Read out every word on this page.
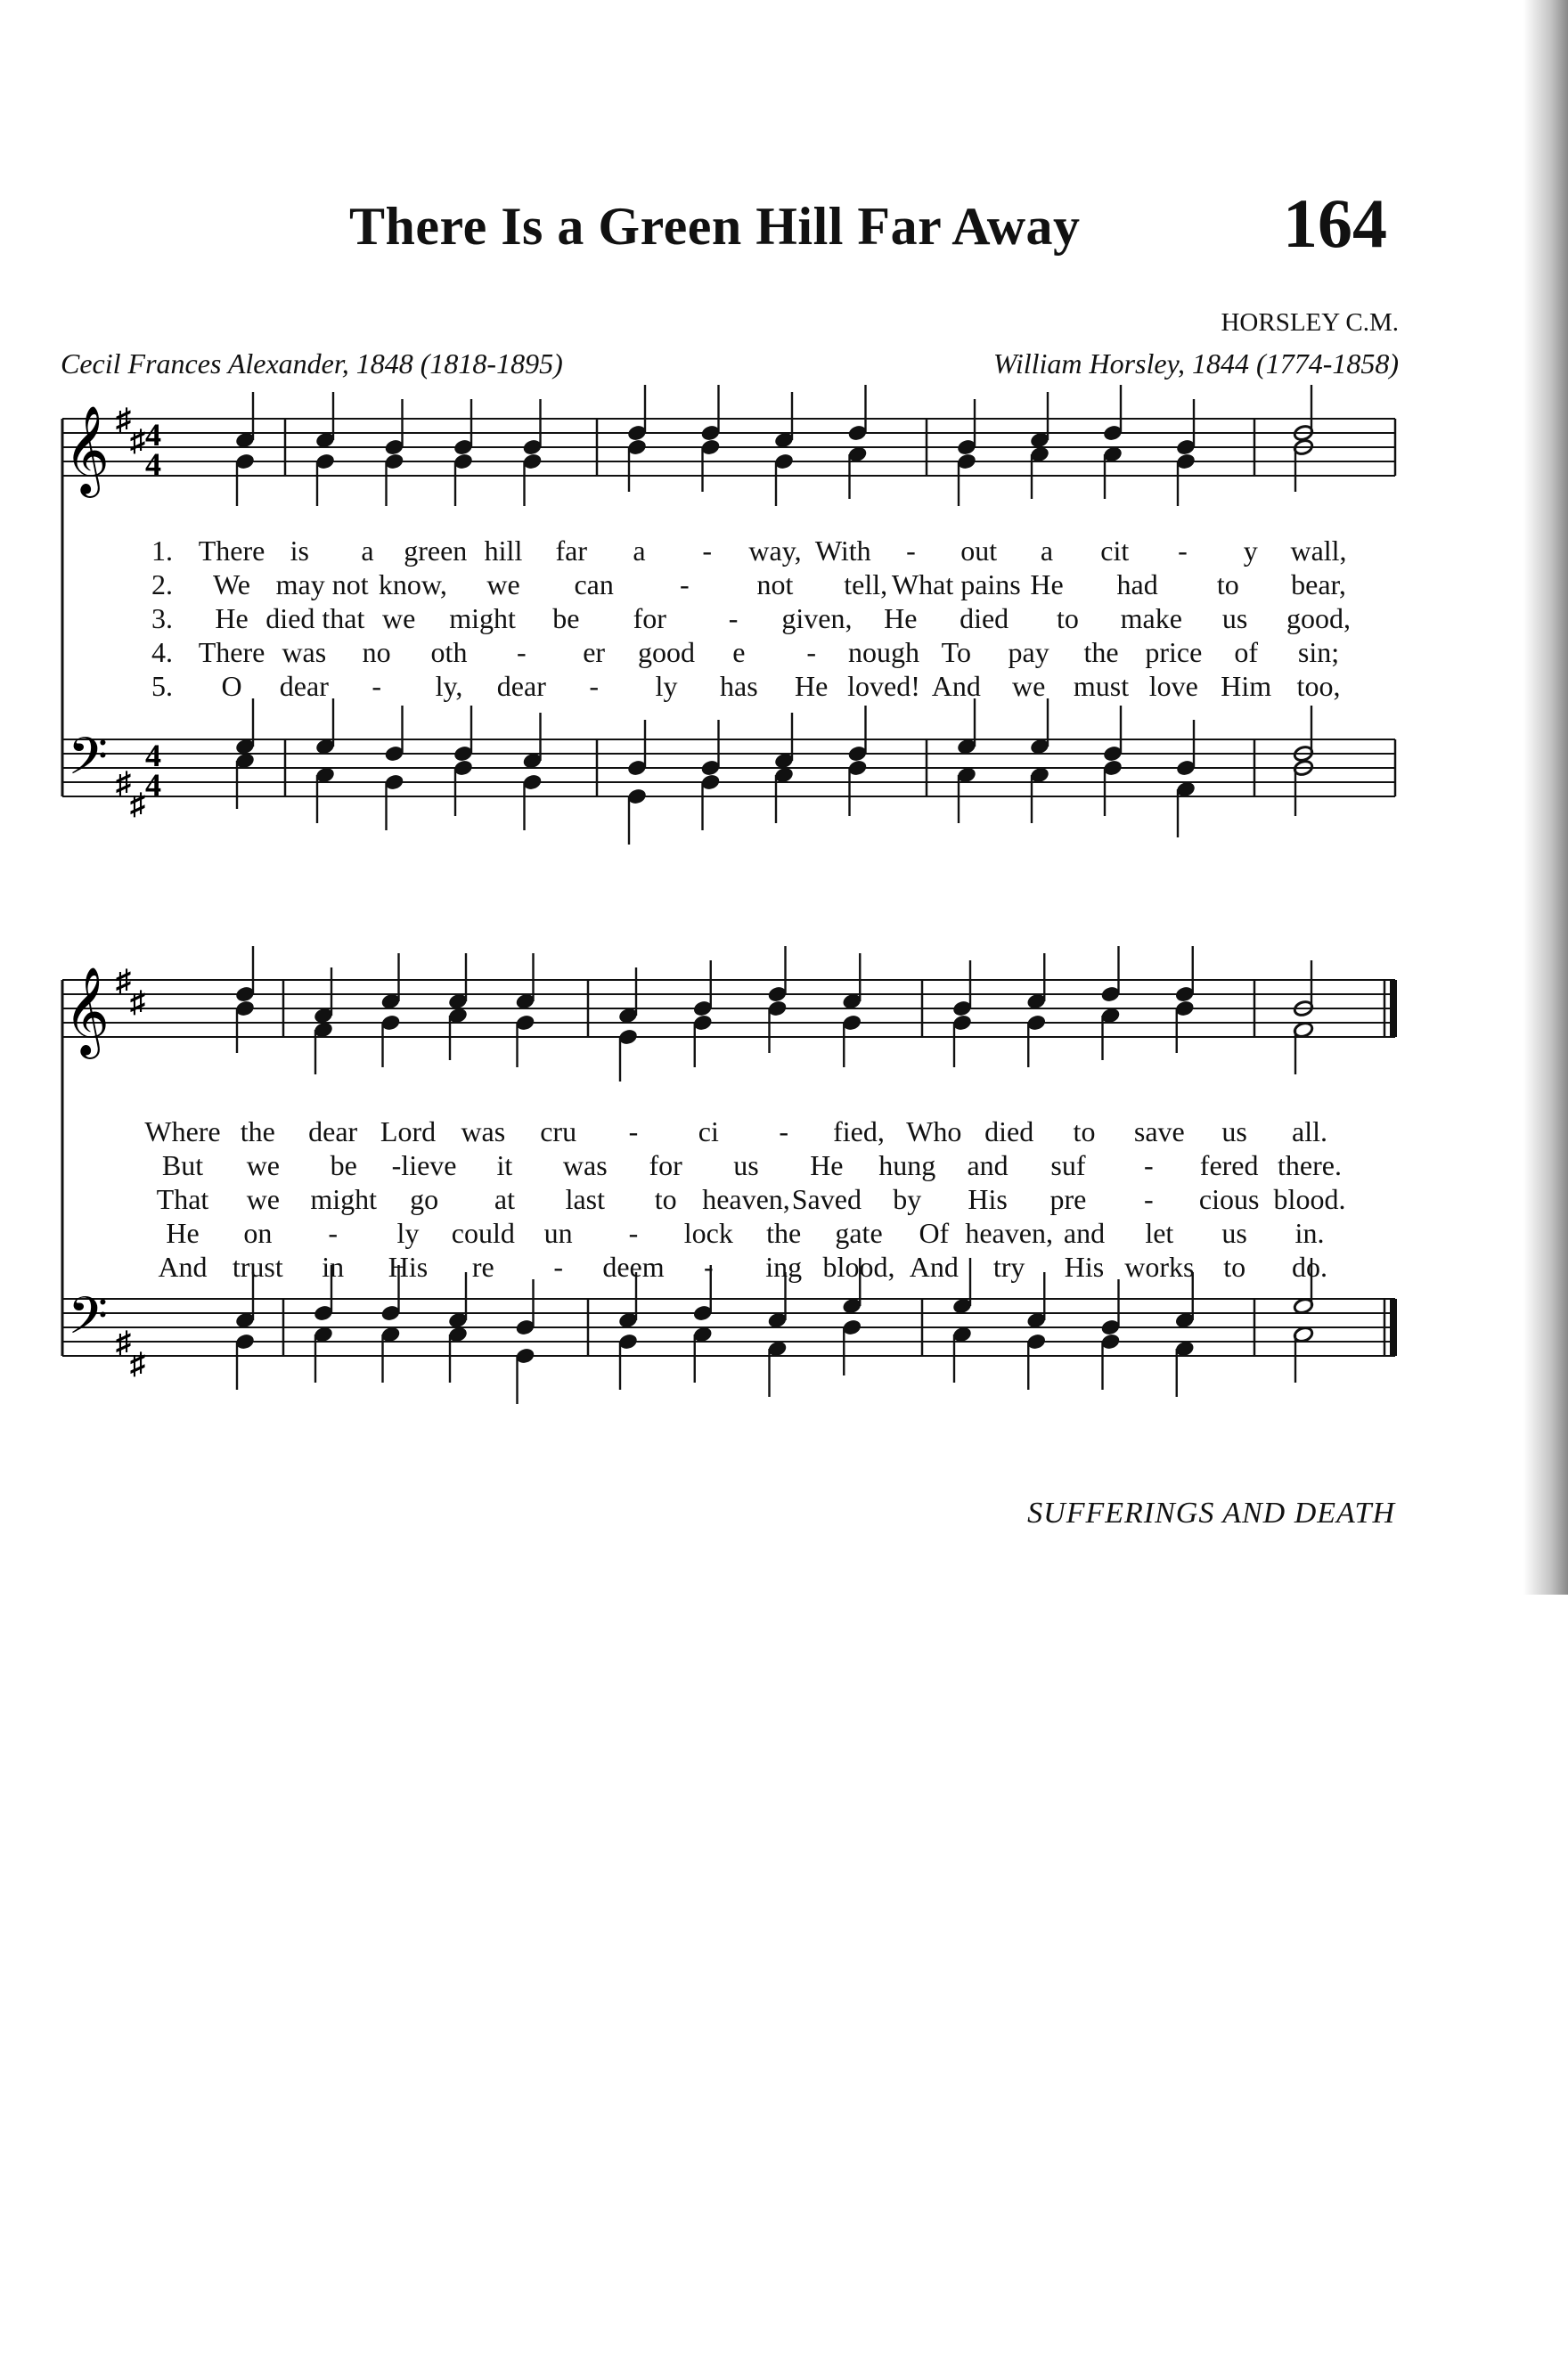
There Is a Green Hill Far Away	164
HORSLEY C.M.
Cecil Frances Alexander, 1848 (1818-1895)	William Horsley, 1844 (1774-1858)
𝄞
𝄢
♯
♯
♯
♯
4
4
4
4
𝄞
𝄢
♯
♯
♯
♯
1. There is a green hill far a - way, With - out a cit - y wall,
2. We may not know, we can - not tell, What pains He had to bear,
3. He died that we might be for - given, He died to make us good,
4. There was no oth - er good e - nough To pay the price of sin;
5. O dear - ly, dear - ly has He loved! And we must love Him too,
Where the dear Lord was cru - ci - fied, Who died to save us all.
But we be -lieve it was for us He hung and suf - fered there.
That we might go at last to heaven, Saved by His pre - cious blood.
He on - ly could un - lock the gate Of heaven, and let us in.
And trust in His re - deem - ing blood, And try His works to do.
SUFFERINGS AND DEATH
